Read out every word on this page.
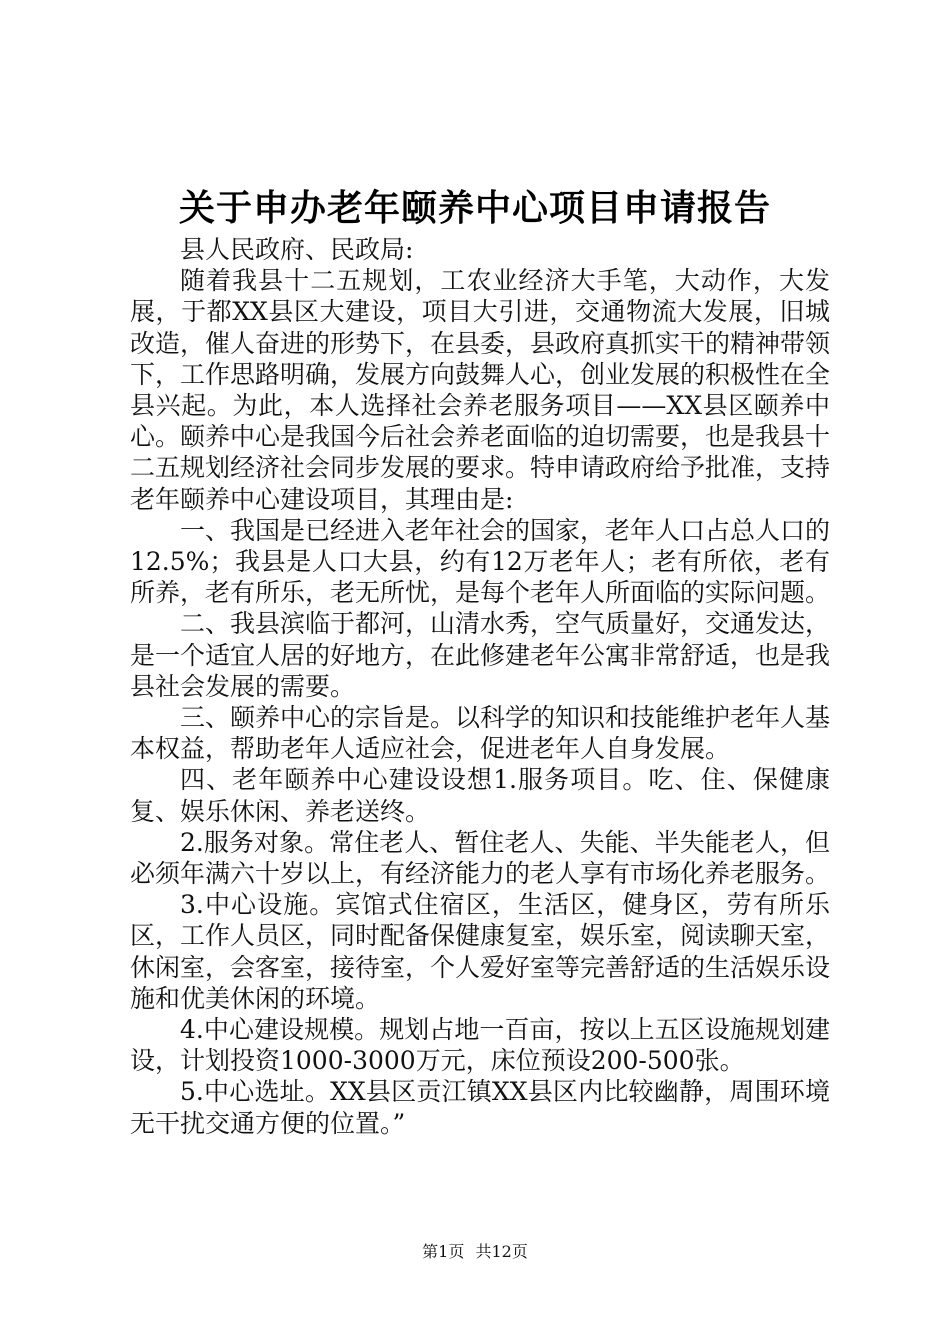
关于申办老年颐养中心项目申请报告

县人民政府、民政局:

随着我县十二五规划，工农业经济大手笔，大动作，大发展，于都XX县区大建设，项目大引进，交通物流大发展，旧城改造，催人奋进的形势下，在县委，县政府真抓实干的精神带领下，工作思路明确，发展方向鼓舞人心，创业发展的积极性在全县兴起。为此，本人选择社会养老服务项目——XX县区颐养中心。颐养中心是我国今后社会养老面临的迫切需要，也是我县十二五规划经济社会同步发展的要求。特申请政府给予批准，支持老年颐养中心建设项目，其理由是:

一、我国是已经进入老年社会的国家，老年人口占总人口的12.5%；我县是人口大县，约有12万老年人；老有所依，老有所养，老有所乐，老无所忧，是每个老年人所面临的实际问题。

二、我县滨临于都河，山清水秀，空气质量好，交通发达，是一个适宜人居的好地方，在此修建老年公寓非常舒适，也是我县社会发展的需要。

三、颐养中心的宗旨是。以科学的知识和技能维护老年人基本权益，帮助老年人适应社会，促进老年人自身发展。

四、老年颐养中心建设设想1.服务项目。吃、住、保健康复、娱乐休闲、养老送终。

2.服务对象。常住老人、暂住老人、失能、半失能老人，但必须年满六十岁以上，有经济能力的老人享有市场化养老服务。

3.中心设施。宾馆式住宿区，生活区，健身区，劳有所乐区，工作人员区，同时配备保健康复室，娱乐室，阅读聊天室，休闲室，会客室，接待室，个人爱好室等完善舒适的生活娱乐设施和优美休闲的环境。

4.中心建设规模。规划占地一百亩，按以上五区设施规划建设，计划投资1000-3000万元，床位预设200-500张。

5.中心选址。XX县区贡江镇XX县区内比较幽静，周围环境无干扰交通方便的位置。”

第1页 共12页
